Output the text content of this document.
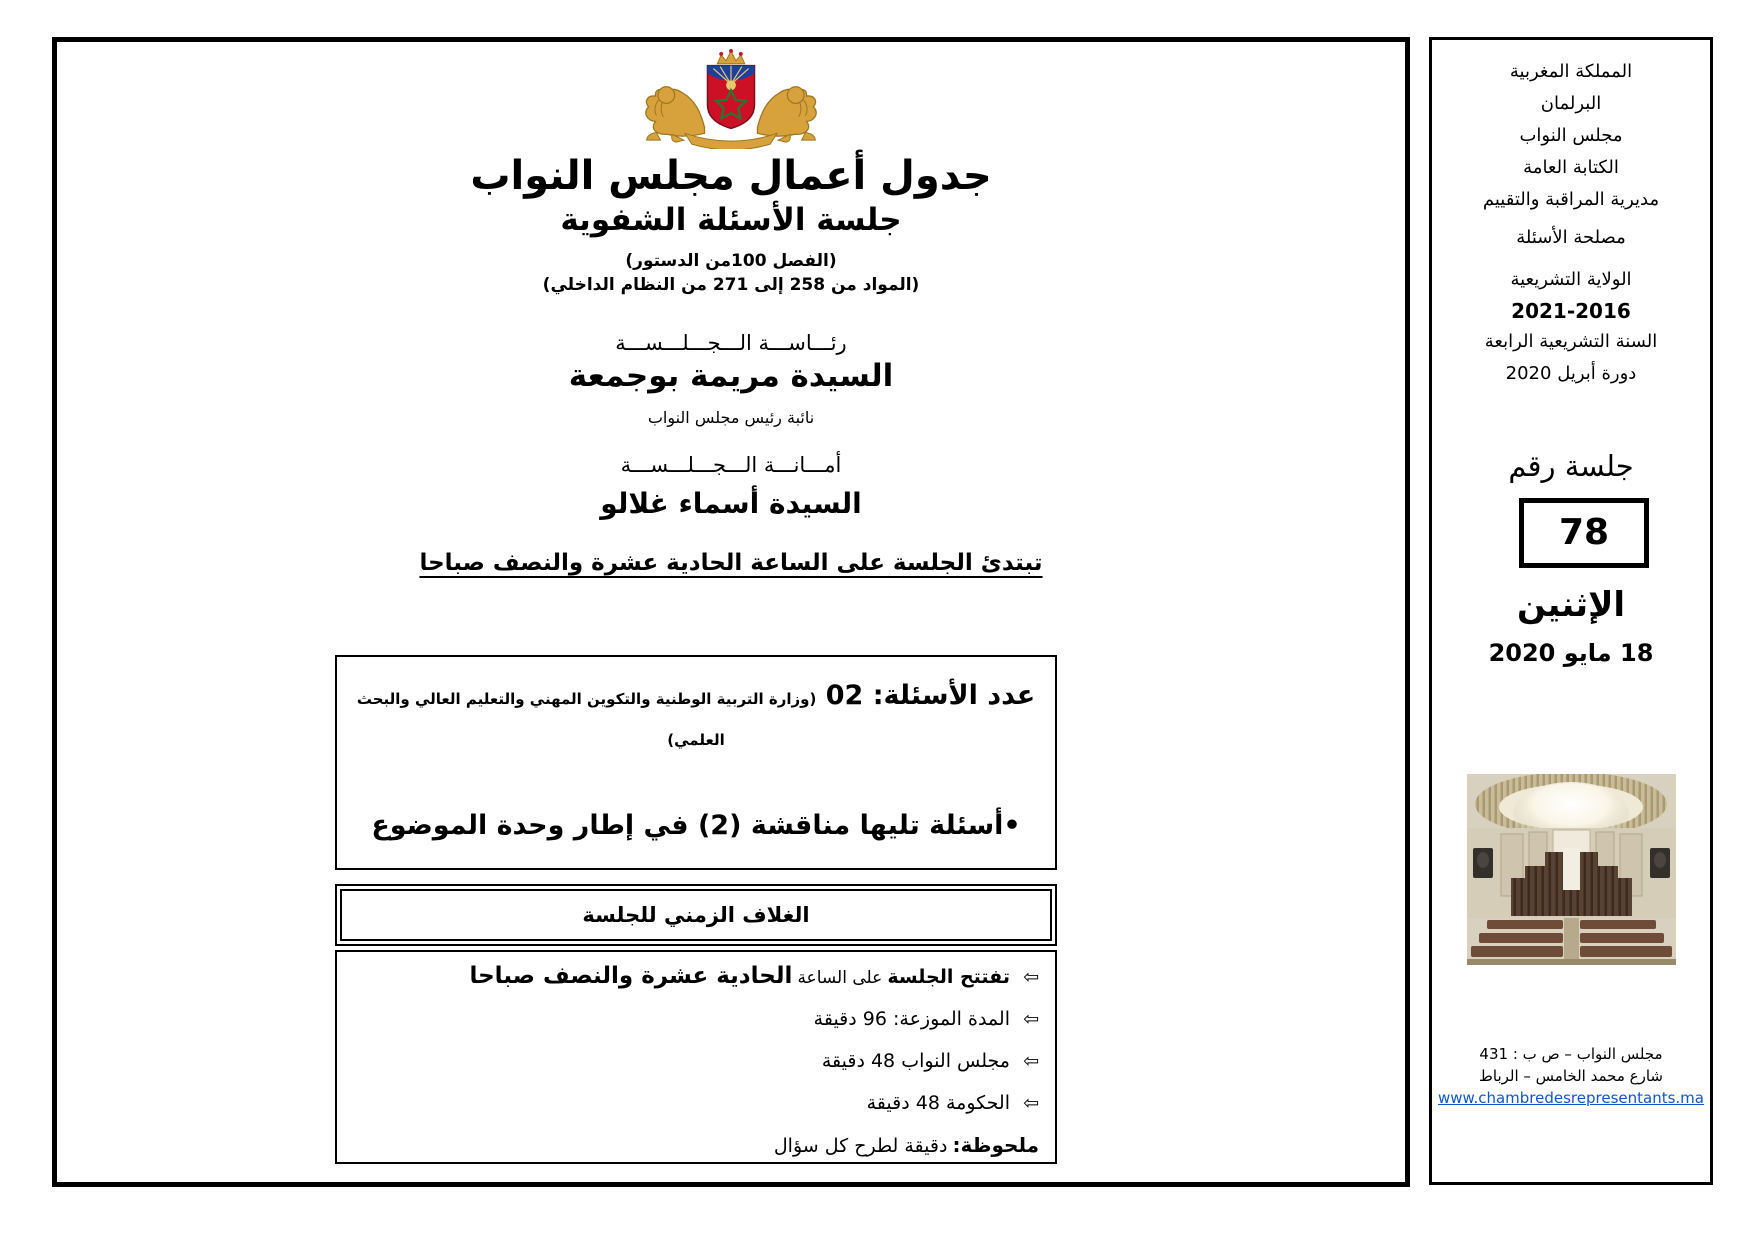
جدول أعمال مجلس النواب
جلسة الأسئلة الشفوية
(الفصل 100من الدستور)
(المواد من 258 إلى 271 من النظام الداخلي)
رئـــاســـة الـــجـــلـــســـة
السيدة مريمة بوجمعة
نائبة رئيس مجلس النواب
أمـــانـــة الـــجـــلـــســـة
السيدة أسماء غلالو
تبتدئ الجلسة على الساعة الحادية عشرة والنصف صباحا
عدد الأسئلة: 02 (وزارة التربية الوطنية والتكوين المهني والتعليم العالي والبحث العلمي)
•أسئلة تليها مناقشة (2) في إطار وحدة الموضوع
الغلاف الزمني للجلسة
⇦ تفتتح الجلسة على الساعة الحادية عشرة والنصف صباحا
⇦ المدة الموزعة: 96 دقيقة
⇦ مجلس النواب 48 دقيقة
⇦ الحكومة 48 دقيقة
ملحوظة: دقيقة لطرح كل سؤال
المملكة المغربية
البرلمان
مجلس النواب
الكتابة العامة
مديرية المراقبة والتقييم
مصلحة الأسئلة
الولاية التشريعية
2021-2016
السنة التشريعية الرابعة
دورة أبريل 2020
جلسة رقم
78
الإثنين
18 مايو 2020
مجلس النواب – ص ب : 431
شارع محمد الخامس – الرباط
www.chambredesrepresentants.ma
